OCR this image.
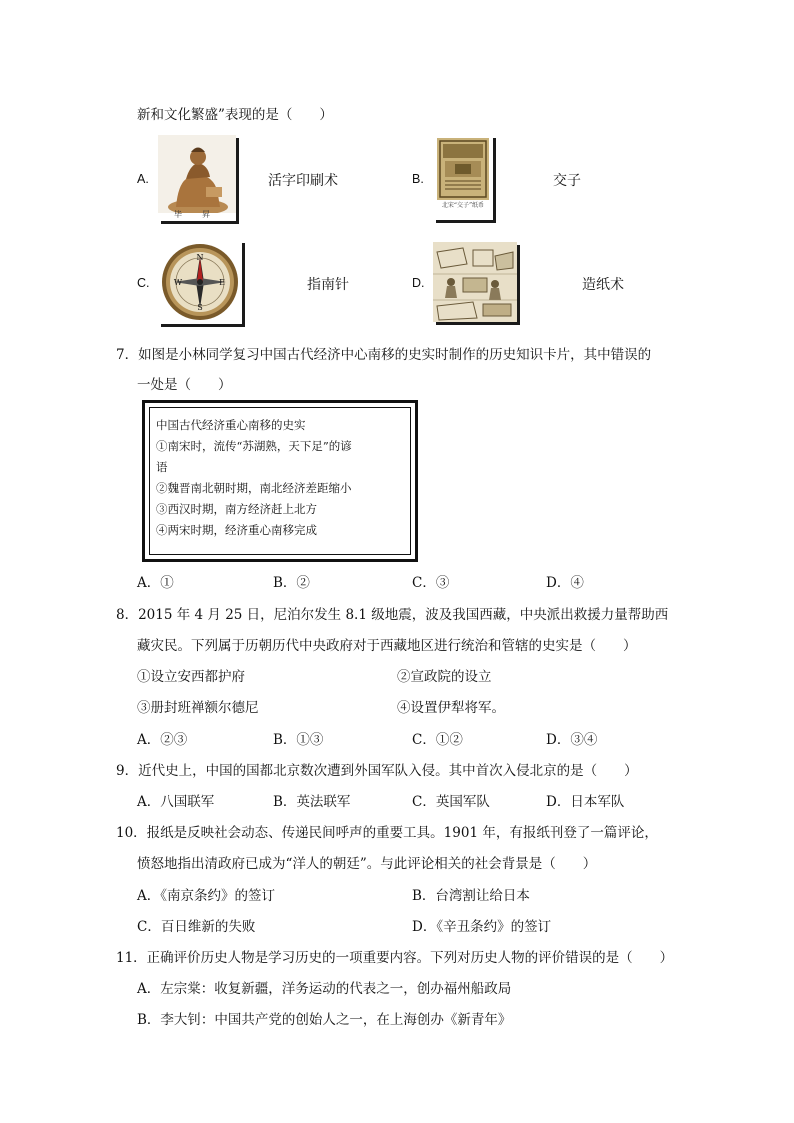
新和文化繁盛”表现的是（　　）
A.
毕　昇
活字印刷术	B.
北宋“交子”纸币
交子
C.
N
E
S
W	指南针	D.	造纸术
7．如图是小林同学复习中国古代经济中心南移的史实时制作的历史知识卡片，其中错误的
一处是（　　）
中国古代经济重心南移的史实
①南宋时，流传“苏湖熟，天下足”的谚
语
②魏晋南北朝时期，南北经济差距缩小
③西汉时期，南方经济赶上北方
④两宋时期，经济重心南移完成
A．①	B．②	C．③	D．④
8．2015 年 4 月 25 日，尼泊尔发生 8.1 级地震，波及我国西藏，中央派出救援力量帮助西
藏灾民。下列属于历朝历代中央政府对于西藏地区进行统治和管辖的史实是（　　）
①设立安西都护府	②宣政院的设立
③册封班禅额尔德尼	④设置伊犁将军。
A．②③	B．①③	C．①②	D．③④
9．近代史上，中国的国都北京数次遭到外国军队入侵。其中首次入侵北京的是（　　）
A．八国联军	B．英法联军	C．英国军队	D．日本军队
10．报纸是反映社会动态、传递民间呼声的重要工具。1901 年，有报纸刊登了一篇评论，
愤怒地指出清政府已成为“洋人的朝廷”。与此评论相关的社会背景是（　　）
A．《南京条约》的签订	B．台湾割让给日本
C．百日维新的失败	D．《辛丑条约》的签订
11．正确评价历史人物是学习历史的一项重要内容。下列对历史人物的评价错误的是（　　）
A．左宗棠：收复新疆，洋务运动的代表之一，创办福州船政局
B．李大钊：中国共产党的创始人之一，在上海创办《新青年》
